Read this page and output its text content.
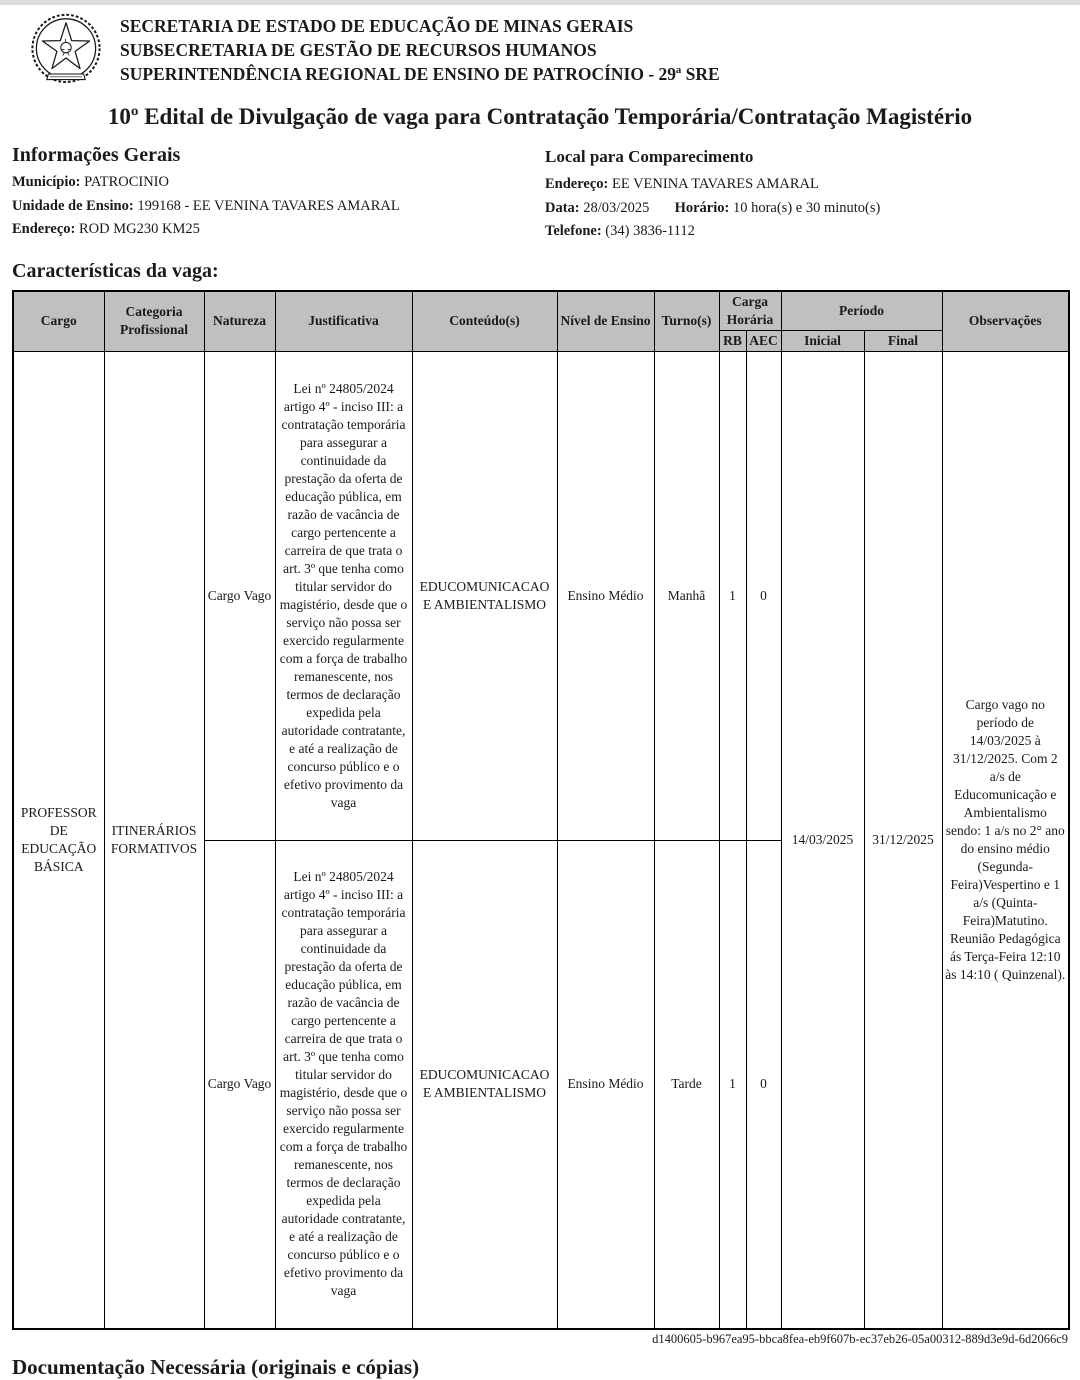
SECRETARIA DE ESTADO DE EDUCAÇÃO DE MINAS GERAIS
SUBSECRETARIA DE GESTÃO DE RECURSOS HUMANOS
SUPERINTENDÊNCIA REGIONAL DE ENSINO DE PATROCÍNIO - 29ª SRE
10º Edital de Divulgação de vaga para Contratação Temporária/Contratação Magistério
Informações Gerais
Município: PATROCINIO
Unidade de Ensino: 199168 - EE VENINA TAVARES AMARAL
Endereço: ROD MG230 KM25
Local para Comparecimento
Endereço: EE VENINA TAVARES AMARAL
Data: 28/03/2025 Horário: 10 hora(s) e 30 minuto(s)
Telefone: (34) 3836-1112
Características da vaga:
Cargo	Categoria Profissional	Natureza	Justificativa	Conteúdo(s)	Nível de Ensino	Turno(s)	Carga Horária		Período		Observações
							RB	AEC	Inicial	Final	
PROFESSOR DE EDUCAÇÃO BÁSICA	ITINERÁRIOS FORMATIVOS	Cargo Vago	Lei nº 24805/2024 artigo 4º - inciso III: a contratação temporária para assegurar a continuidade da prestação da oferta de educação pública, em razão de vacância de cargo pertencente a carreira de que trata o art. 3º que tenha como titular servidor do magistério, desde que o serviço não possa ser exercido regularmente com a força de trabalho remanescente, nos termos de declaração expedida pela autoridade contratante, e até a realização de concurso público e o efetivo provimento da vaga	EDUCOMUNICACAO E AMBIENTALISMO	Ensino Médio	Manhã	1	0	14/03/2025	31/12/2025	Cargo vago no período de 14/03/2025 à 31/12/2025. Com 2 a/s de Educomunicação e Ambientalismo sendo: 1 a/s no 2° ano do ensino médio (Segunda-Feira)Vespertino e 1 a/s (Quinta-Feira)Matutino. Reunião Pedagógica ás Terça-Feira 12:10 às 14:10 ( Quinzenal).
		Cargo Vago	Lei nº 24805/2024 artigo 4º - inciso III: a contratação temporária para assegurar a continuidade da prestação da oferta de educação pública, em razão de vacância de cargo pertencente a carreira de que trata o art. 3º que tenha como titular servidor do magistério, desde que o serviço não possa ser exercido regularmente com a força de trabalho remanescente, nos termos de declaração expedida pela autoridade contratante, e até a realização de concurso público e o efetivo provimento da vaga	EDUCOMUNICACAO E AMBIENTALISMO	Ensino Médio	Tarde	1	0			
d1400605-b967ea95-bbca8fea-eb9f607b-ec37eb26-05a00312-889d3e9d-6d2066c9
Documentação Necessária (originais e cópias)
